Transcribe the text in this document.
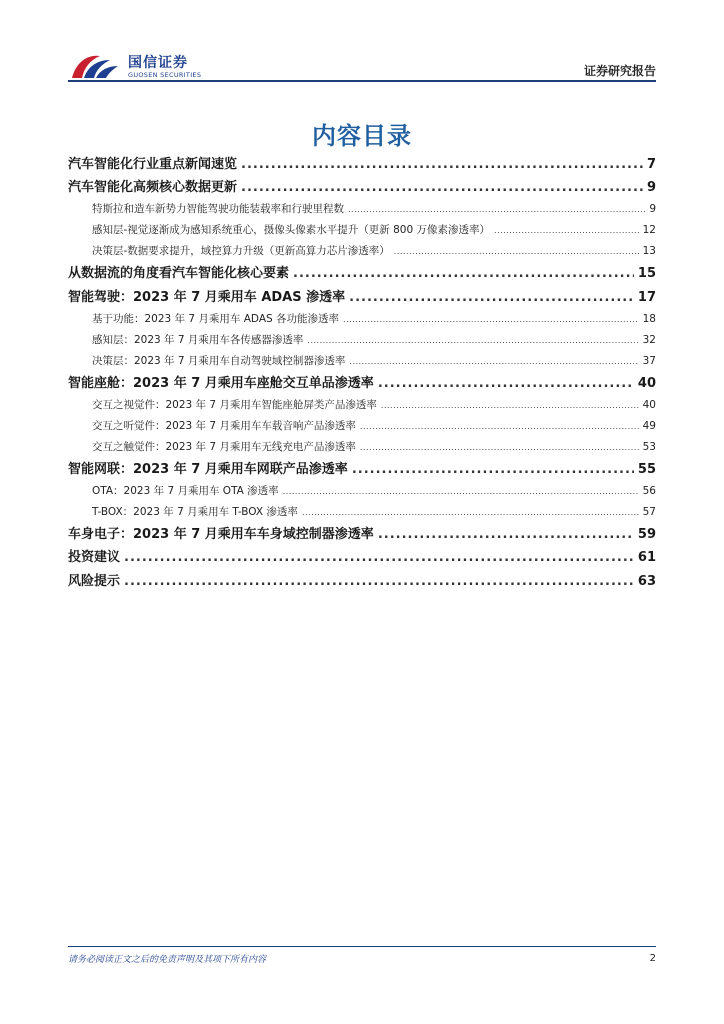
国信证券
GUOSEN SECURITIES	证券研究报告
内容目录
汽车智能化行业重点新闻速览 .....	7
汽车智能化高频核心数据更新 .....	9
特斯拉和造车新势力智能驾驶功能装载率和行驶里程数 .....	9
感知层-视觉逐渐成为感知系统重心，摄像头像素水平提升（更新 800 万像素渗透率） .....	12
决策层-数据要求提升，域控算力升级（更新高算力芯片渗透率） .....	13
从数据流的角度看汽车智能化核心要素 .....	15
智能驾驶：2023 年 7 月乘用车 ADAS 渗透率 .....	17
基于功能：2023 年 7 月乘用车 ADAS 各功能渗透率 .....	18
感知层：2023 年 7 月乘用车各传感器渗透率 .....	32
决策层：2023 年 7 月乘用车自动驾驶域控制器渗透率 .....	37
智能座舱：2023 年 7 月乘用车座舱交互单品渗透率 .....	40
交互之视觉件：2023 年 7 月乘用车智能座舱屏类产品渗透率 .....	40
交互之听觉件：2023 年 7 月乘用车车载音响产品渗透率 .....	49
交互之触觉件：2023 年 7 月乘用车无线充电产品渗透率 .....	53
智能网联：2023 年 7 月乘用车网联产品渗透率 .....	55
OTA：2023 年 7 月乘用车 OTA 渗透率 .....	56
T-BOX：2023 年 7 月乘用车 T-BOX 渗透率 .....	57
车身电子：2023 年 7 月乘用车车身域控制器渗透率 .....	59
投资建议 .....	61
风险提示 .....	63
请务必阅读正文之后的免责声明及其项下所有内容	2
